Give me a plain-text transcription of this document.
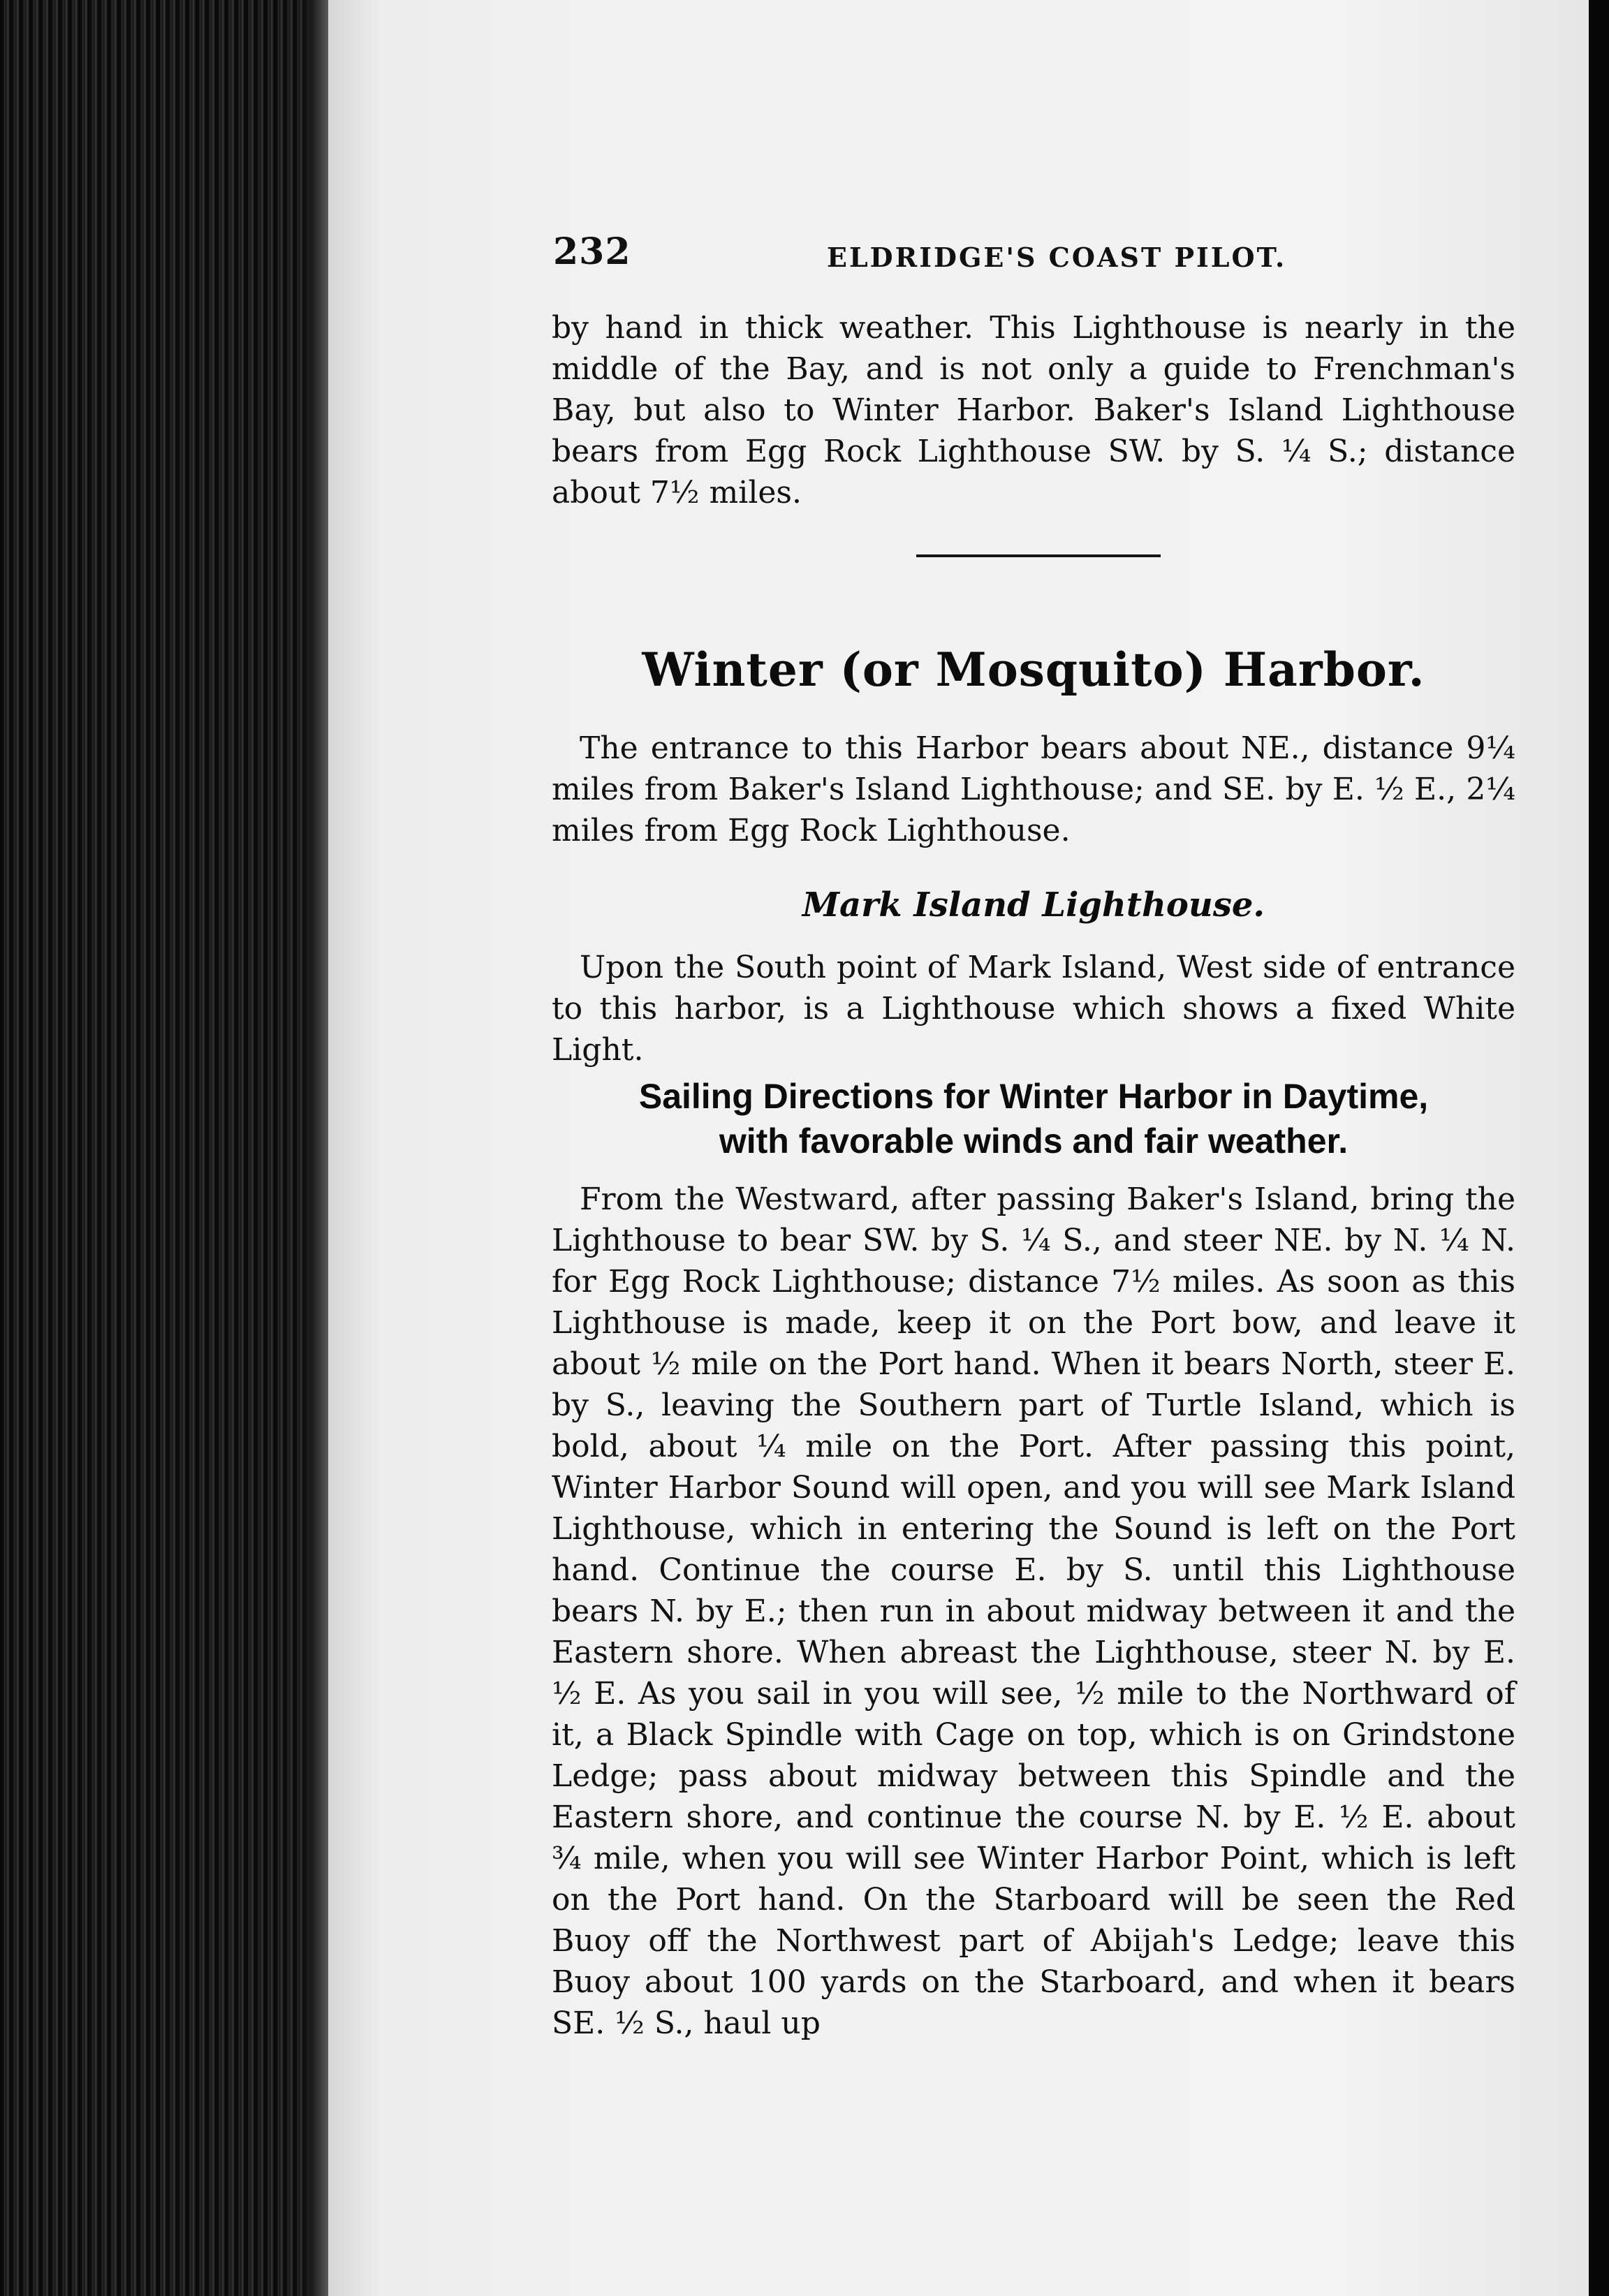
232	ELDRIDGE'S COAST PILOT.
by hand in thick weather. This Lighthouse is nearly in the middle of the Bay, and is not only a guide to Frenchman's Bay, but also to Winter Harbor. Baker's Island Lighthouse bears from Egg Rock Lighthouse SW. by S. ¼ S.; distance about 7½ miles.
Winter (or Mosquito) Harbor.
The entrance to this Harbor bears about NE., distance 9¼ miles from Baker's Island Lighthouse; and SE. by E. ½ E., 2¼ miles from Egg Rock Lighthouse.
Mark Island Lighthouse.
Upon the South point of Mark Island, West side of entrance to this harbor, is a Lighthouse which shows a fixed White Light.
Sailing Directions for Winter Harbor in Daytime,
with favorable winds and fair weather.
From the Westward, after passing Baker's Island, bring the Lighthouse to bear SW. by S. ¼ S., and steer NE. by N. ¼ N. for Egg Rock Lighthouse; distance 7½ miles. As soon as this Lighthouse is made, keep it on the Port bow, and leave it about ½ mile on the Port hand. When it bears North, steer E. by S., leaving the Southern part of Turtle Island, which is bold, about ¼ mile on the Port. After passing this point, Winter Harbor Sound will open, and you will see Mark Island Lighthouse, which in entering the Sound is left on the Port hand. Continue the course E. by S. until this Lighthouse bears N. by E.; then run in about midway between it and the Eastern shore. When abreast the Lighthouse, steer N. by E. ½ E. As you sail in you will see, ½ mile to the Northward of it, a Black Spindle with Cage on top, which is on Grindstone Ledge; pass about midway between this Spindle and the Eastern shore, and continue the course N. by E. ½ E. about ¾ mile, when you will see Winter Harbor Point, which is left on the Port hand. On the Starboard will be seen the Red Buoy off the Northwest part of Abijah's Ledge; leave this Buoy about 100 yards on the Starboard, and when it bears SE. ½ S., haul up
